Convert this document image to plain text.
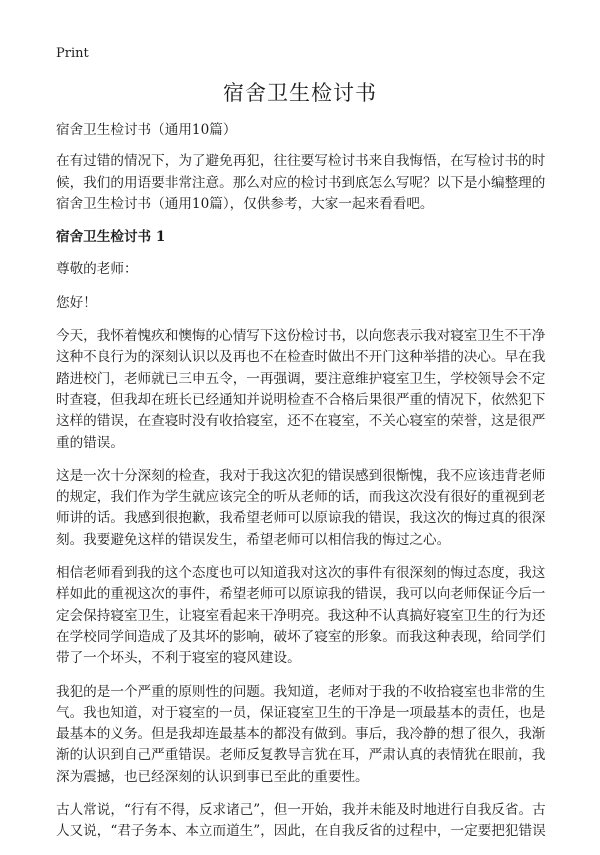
Print
宿舍卫生检讨书

宿舍卫生检讨书（通用10篇）

在有过错的情况下，为了避免再犯，往往要写检讨书来自我悔悟，在写检讨书的时候，我们的用语要非常注意。那么对应的检讨书到底怎么写呢？以下是小编整理的宿舍卫生检讨书（通用10篇），仅供参考，大家一起来看看吧。

宿舍卫生检讨书 1

尊敬的老师：

您好！

今天，我怀着愧疚和懊悔的心情写下这份检讨书，以向您表示我对寝室卫生不干净这种不良行为的深刻认识以及再也不在检查时做出不开门这种举措的决心。早在我踏进校门，老师就已三申五令，一再强调，要注意维护寝室卫生，学校领导会不定时查寝，但我却在班长已经通知并说明检查不合格后果很严重的情况下，依然犯下这样的错误，在查寝时没有收拾寝室，还不在寝室，不关心寝室的荣誉，这是很严重的错误。

这是一次十分深刻的检查，我对于我这次犯的错误感到很惭愧，我不应该违背老师的规定，我们作为学生就应该完全的听从老师的话，而我这次没有很好的重视到老师讲的话。我感到很抱歉，我希望老师可以原谅我的错误，我这次的悔过真的很深刻。我要避免这样的错误发生，希望老师可以相信我的悔过之心。

相信老师看到我的这个态度也可以知道我对这次的事件有很深刻的悔过态度，我这样如此的重视这次的事件，希望老师可以原谅我的错误，我可以向老师保证今后一定会保持寝室卫生，让寝室看起来干净明亮。我这种不认真搞好寝室卫生的行为还在学校同学间造成了及其坏的影响，破坏了寝室的形象。而我这种表现，给同学们带了一个坏头，不利于寝室的寝风建设。

我犯的是一个严重的原则性的问题。我知道，老师对于我的不收拾寝室也非常的生气。我也知道，对于寝室的一员，保证寝室卫生的干净是一项最基本的责任，也是最基本的义务。但是我却连最基本的都没有做到。事后，我冷静的想了很久，我渐渐的认识到自己严重错误。老师反复教导言犹在耳，严肃认真的表情犹在眼前，我深为震撼，也已经深刻的认识到事已至此的重要性。

古人常说，“行有不得，反求诸己”，但一开始，我并未能及时地进行自我反省。古人又说，“君子务本、本立而道生”，因此，在自我反省的过程中，一定要把犯错误
